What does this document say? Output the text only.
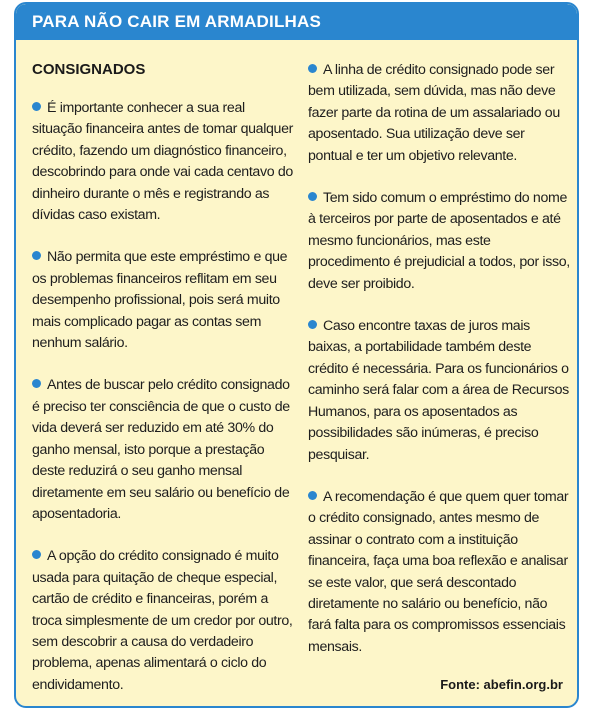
PARA NÃO CAIR EM ARMADILHAS
CONSIGNADOS

É importante conhecer a sua real situação financeira antes de tomar qualquer crédito, fazendo um diagnóstico financeiro, descobrindo para onde vai cada centavo do dinheiro durante o mês e registrando as dívidas caso existam.

Não permita que este empréstimo e que os problemas financeiros reflitam em seu desempenho profissional, pois será muito mais complicado pagar as contas sem nenhum salário.

Antes de buscar pelo crédito consignado é preciso ter consciência de que o custo de vida deverá ser reduzido em até 30% do ganho mensal, isto porque a prestação deste reduzirá o seu ganho mensal diretamente em seu salário ou benefício de aposentadoria.

A opção do crédito consignado é muito usada para quitação de cheque especial, cartão de crédito e financeiras, porém a troca simplesmente de um credor por outro, sem descobrir a causa do verdadeiro problema, apenas alimentará o ciclo do endividamento.

A linha de crédito consignado pode ser bem utilizada, sem dúvida, mas não deve fazer parte da rotina de um assalariado ou aposentado. Sua utilização deve ser pontual e ter um objetivo relevante.

Tem sido comum o empréstimo do nome à terceiros por parte de aposentados e até mesmo funcionários, mas este procedimento é prejudicial a todos, por isso, deve ser proibido.

Caso encontre taxas de juros mais baixas, a portabilidade também deste crédito é necessária. Para os funcionários o caminho será falar com a área de Recursos Humanos, para os aposentados as possibilidades são inúmeras, é preciso pesquisar.

A recomendação é que quem quer tomar o crédito consignado, antes mesmo de assinar o contrato com a instituição financeira, faça uma boa reflexão e analisar se este valor, que será descontado diretamente no salário ou benefício, não fará falta para os compromissos essenciais mensais.

Fonte: abefin.org.br
